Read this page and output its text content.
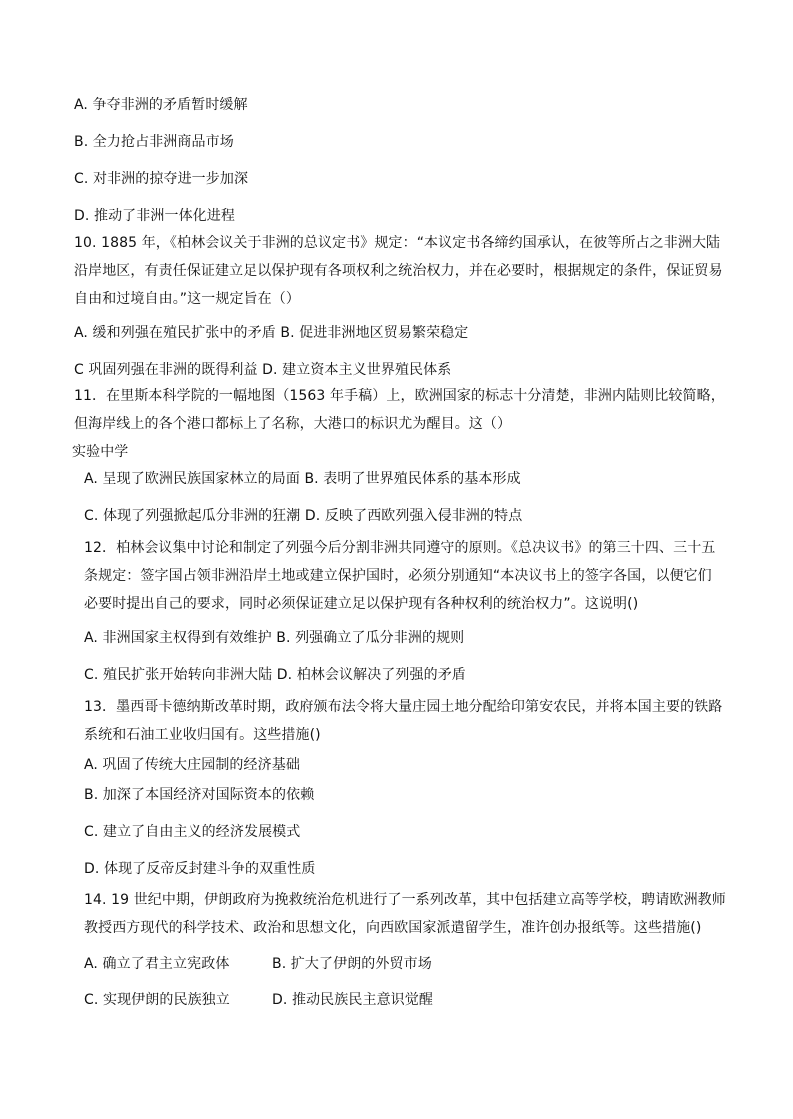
A. 争夺非洲的矛盾暂时缓解
B. 全力抢占非洲商品市场
C. 对非洲的掠夺进一步加深
D. 推动了非洲一体化进程
10. 1885 年，《柏林会议关于非洲的总议定书》规定：“本议定书各缔约国承认，在彼等所占之非洲大陆
沿岸地区，有责任保证建立足以保护现有各项权利之统治权力，并在必要时，根据规定的条件，保证贸易
自由和过境自由。”这一规定旨在（）
A. 缓和列强在殖民扩张中的矛盾 B. 促进非洲地区贸易繁荣稳定
C 巩固列强在非洲的既得利益 D. 建立资本主义世界殖民体系
11．在里斯本科学院的一幅地图（1563 年手稿）上，欧洲国家的标志十分清楚，非洲内陆则比较简略，
但海岸线上的各个港口都标上了名称，大港口的标识尤为醒目。这（）
实验中学
A. 呈现了欧洲民族国家林立的局面 B. 表明了世界殖民体系的基本形成
C. 体现了列强掀起瓜分非洲的狂潮 D. 反映了西欧列强入侵非洲的特点
12．柏林会议集中讨论和制定了列强今后分割非洲共同遵守的原则。《总决议书》的第三十四、三十五
条规定：签字国占领非洲沿岸土地或建立保护国时，必须分别通知“本决议书上的签字各国，以便它们
必要时提出自己的要求，同时必须保证建立足以保护现有各种权利的统治权力”。这说明()
A. 非洲国家主权得到有效维护 B. 列强确立了瓜分非洲的规则
C. 殖民扩张开始转向非洲大陆 D. 柏林会议解决了列强的矛盾
13．墨西哥卡德纳斯改革时期，政府颁布法令将大量庄园土地分配给印第安农民，并将本国主要的铁路
系统和石油工业收归国有。这些措施()
A. 巩固了传统大庄园制的经济基础
B. 加深了本国经济对国际资本的依赖
C. 建立了自由主义的经济发展模式
D. 体现了反帝反封建斗争的双重性质
14. 19 世纪中期，伊朗政府为挽救统治危机进行了一系列改革，其中包括建立高等学校，聘请欧洲教师
教授西方现代的科学技术、政治和思想文化，向西欧国家派遣留学生，准许创办报纸等。这些措施()
A. 确立了君主立宪政体	B. 扩大了伊朗的外贸市场
C. 实现伊朗的民族独立	D. 推动民族民主意识觉醒
